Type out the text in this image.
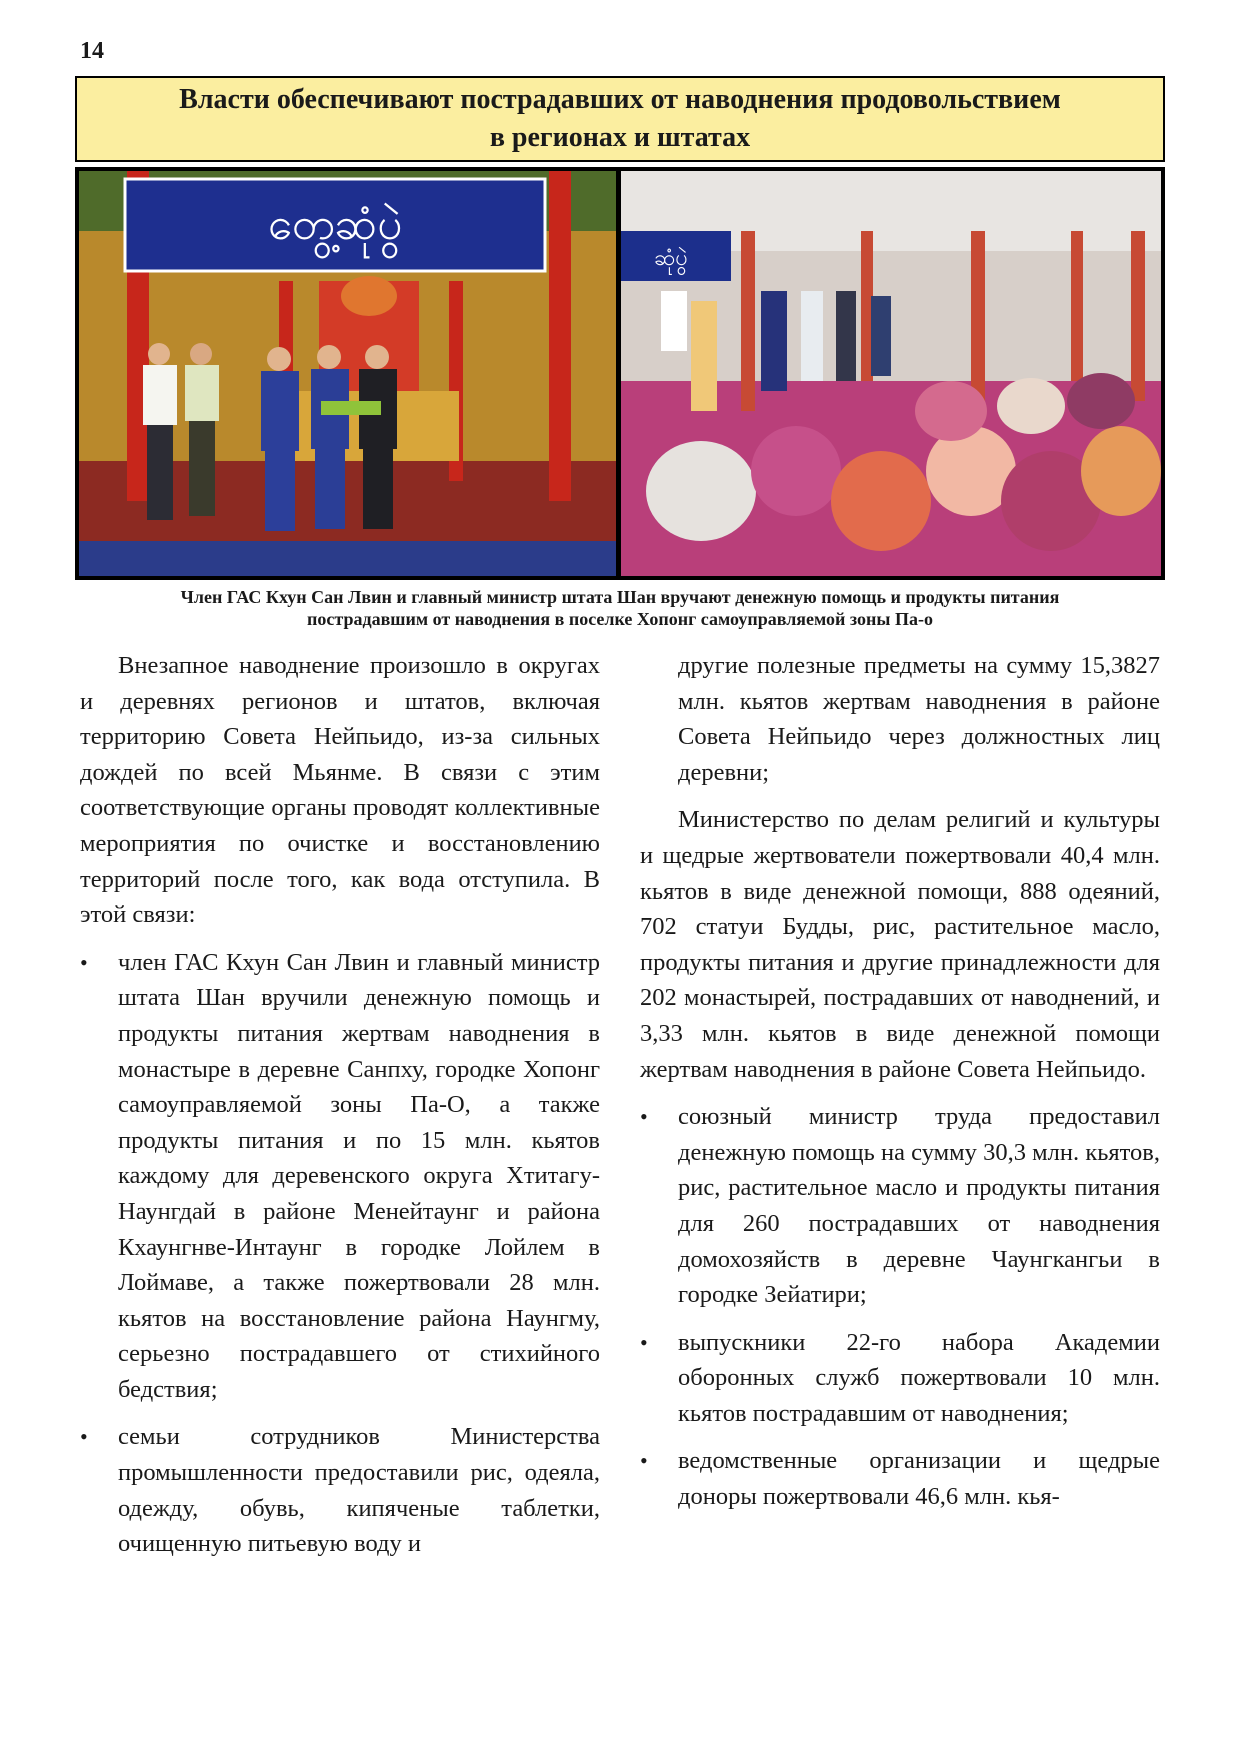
14
Власти обеспечивают пострадавших от наводнения продовольствием
в регионах и штатах
တွေ့ဆုံပွဲ
ဆုံပွဲ
Член ГАС Кхун Сан Лвин и главный министр штата Шан вручают денежную помощь и продукты питания
пострадавшим от наводнения в поселке Хопонг самоуправляемой зоны Па-о

Внезапное наводнение произошло в округах и деревнях регионов и штатов, включая территорию Совета Нейпьидо, из-за сильных дождей по всей Мьянме. В связи с этим соответствующие органы проводят коллективные мероприятия по очистке и восстановлению территорий после того, как вода отступила. В этой связи:

• член ГАС Кхун Сан Лвин и главный министр штата Шан вручили денежную помощь и продукты питания жертвам наводнения в монастыре в деревне Санпху, городке Хопонг самоуправляемой зоны Па-О, а также продукты питания и по 15 млн. кьятов каждому для деревенского округа Хтитагу-Наунгдай в районе Менейтаунг и района Кхаунгнве-Интаунг в городке Лойлем в Лоймаве, а также пожертвовали 28 млн. кьятов на восстановление района Наунгму, серьезно пострадавшего от стихийного бедствия;
• семьи сотрудников Министерства промышленности предоставили рис, одеяла, одежду, обувь, кипяченые таблетки, очищенную питьевую воду и
другие полезные предметы на сумму 15,3827 млн. кьятов жертвам наводнения в районе Совета Нейпьидо через должностных лиц деревни;

Министерство по делам религий и культуры и щедрые жертвователи пожертвовали 40,4 млн. кьятов в виде денежной помощи, 888 одеяний, 702 статуи Будды, рис, растительное масло, продукты питания и другие принадлежности для 202 монастырей, пострадавших от наводнений, и 3,33 млн. кьятов в виде денежной помощи жертвам наводнения в районе Совета Нейпьидо.

• союзный министр труда предоставил денежную помощь на сумму 30,3 млн. кьятов, рис, растительное масло и продукты питания для 260 пострадавших от наводнения домохозяйств в деревне Чаунгкангьи в городке Зейатири;
• выпускники 22-го набора Академии оборонных служб пожертвовали 10 млн. кьятов пострадавшим от наводнения;
• ведомственные организации и щедрые доноры пожертвовали 46,6 млн. кья-
